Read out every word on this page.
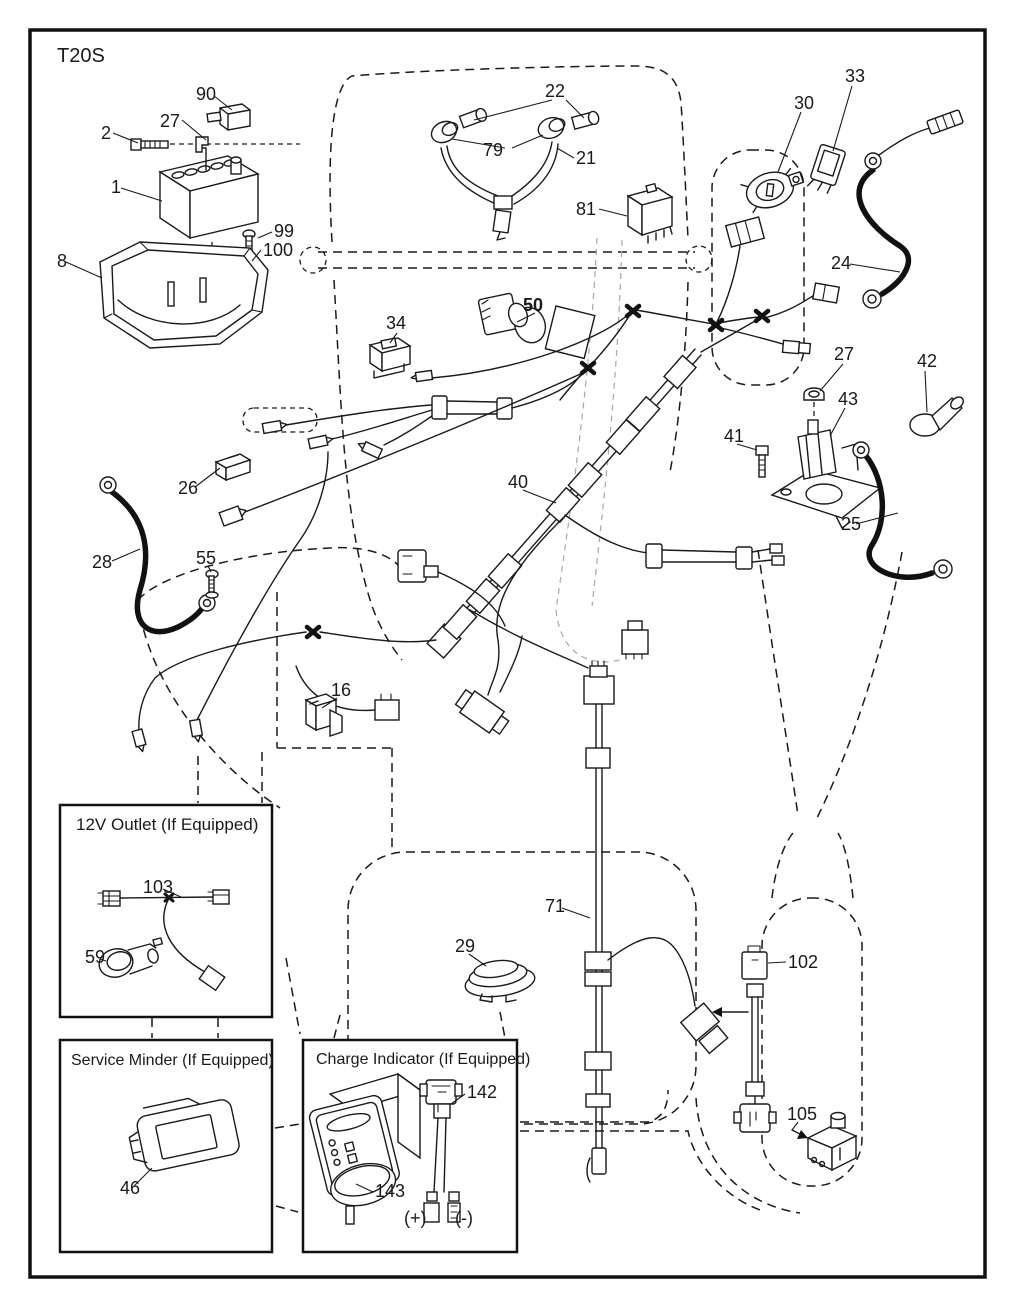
T20S
12V Outlet (If Equipped)
Service Minder (If Equipped)	Charge Indicator (If Equipped)
90
27
2
1
99
100
8
22
79	21
81
30
33
24
34
50
26
28	55
40
27
43
41
42
25
16
71
29
102
105
103
59
46
142
143
(+) (-)
